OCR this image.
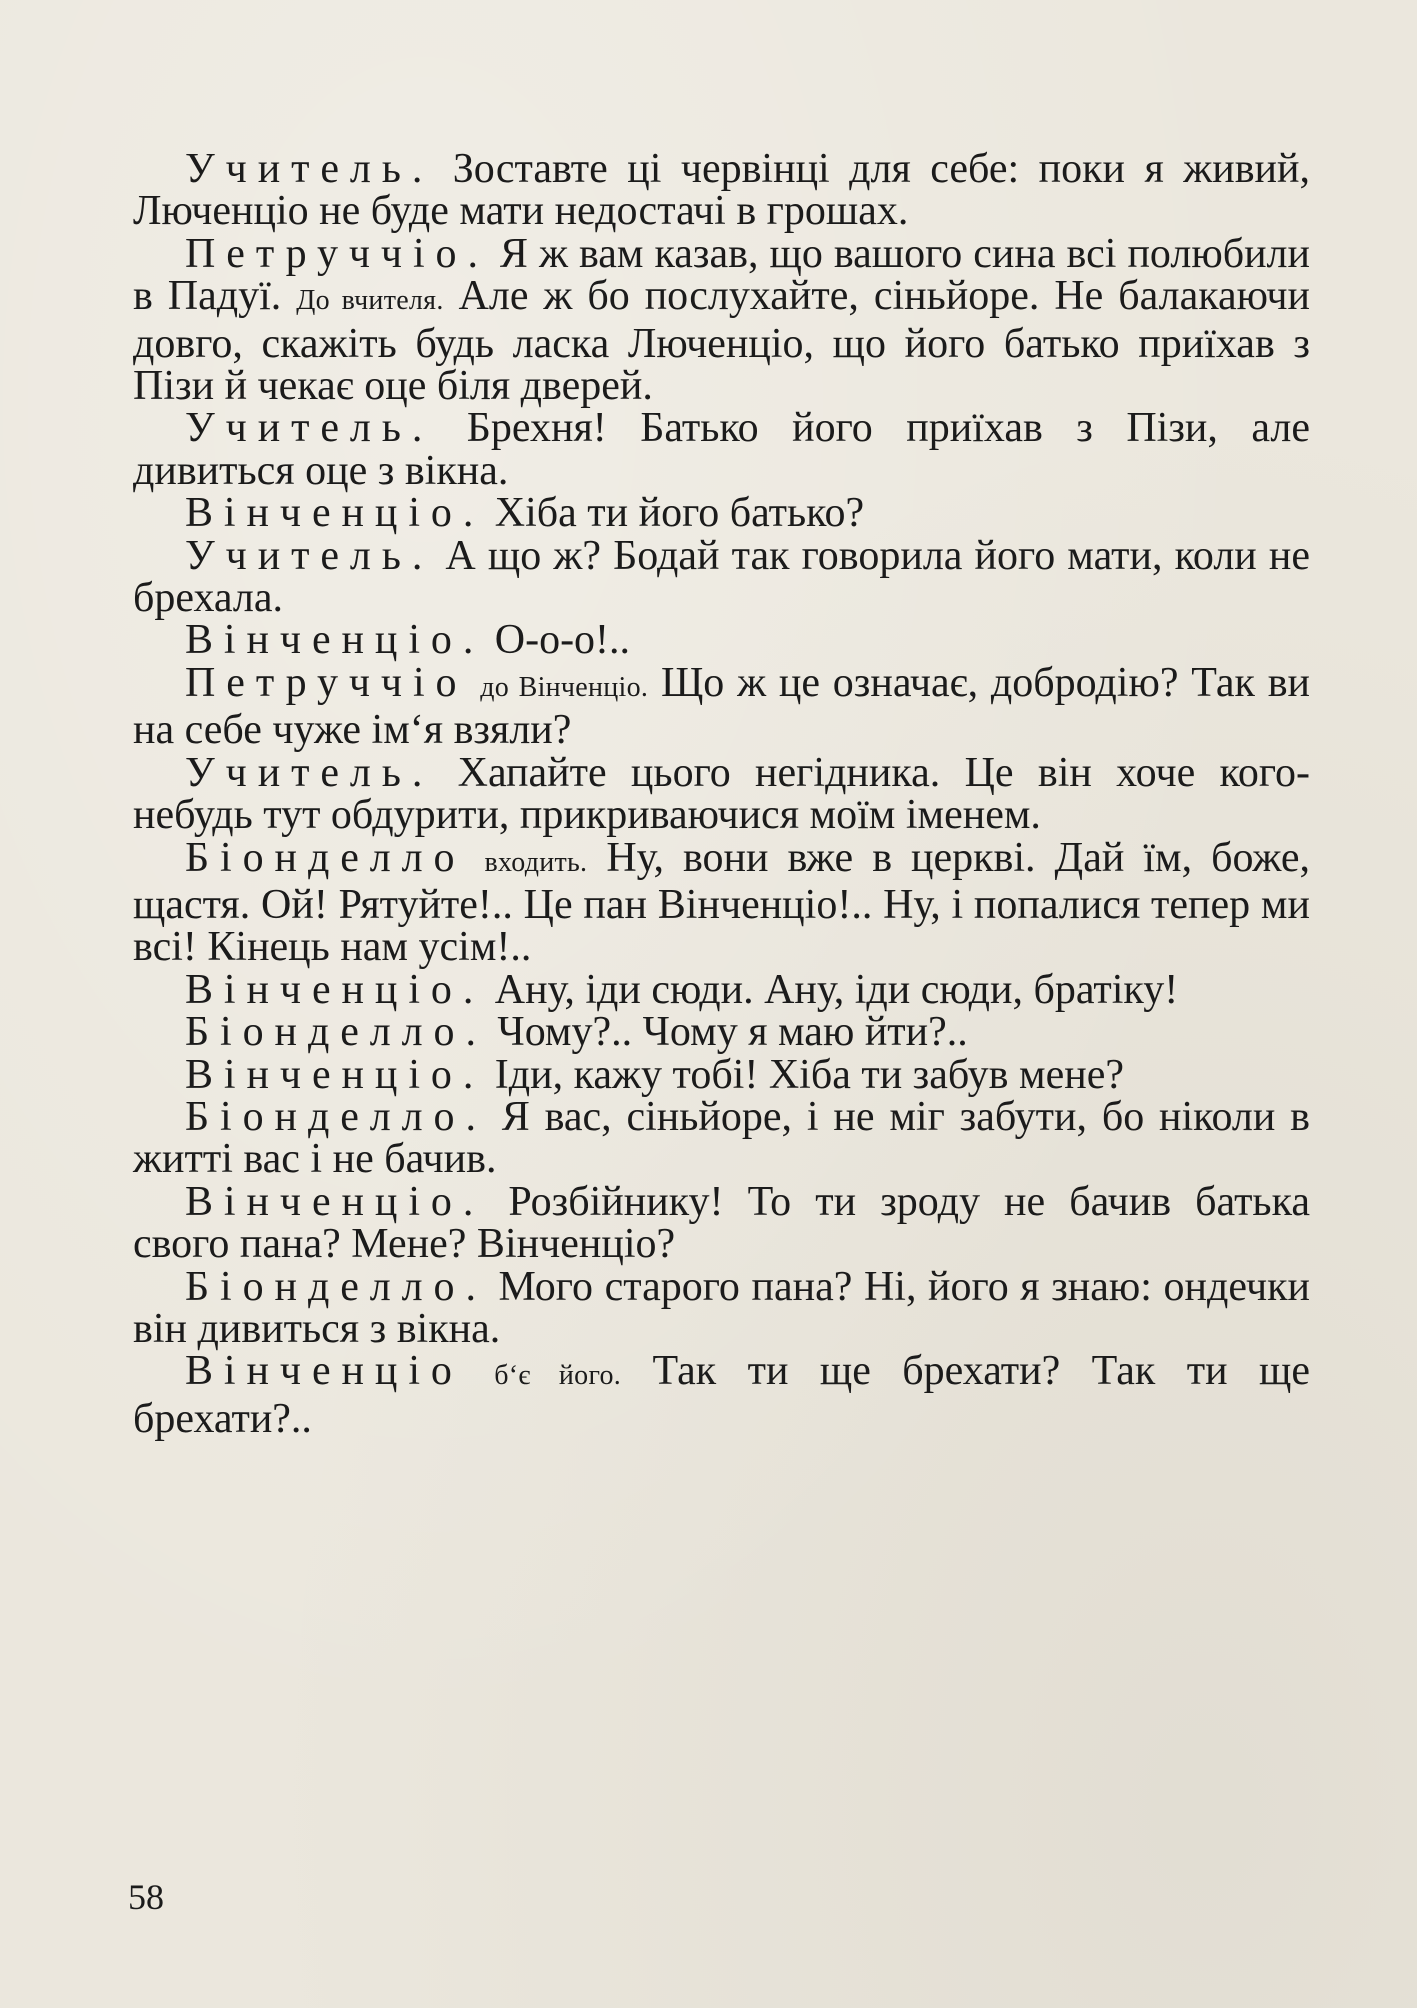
Учитель. Зоставте ці червінці для себе: поки я живий, Люченціо не буде мати недостачі в грошах.

Петруччіо. Я ж вам казав, що вашого сина всі полюбили в Падуї. До вчителя. Але ж бо послухайте, сіньйоре. Не балакаючи довго, скажіть будь ласка Люченціо, що його батько приїхав з Пізи й чекає оце біля дверей.

Учитель. Брехня! Батько його приїхав з Пізи, але дивиться оце з вікна.

Вінченціо. Хіба ти його батько?

Учитель. А що ж? Бодай так говорила його мати, коли не брехала.

Вінченціо. О-о-о!..

Петруччіо до Вінченціо. Що ж це означає, добродію? Так ви на себе чуже ім‘я взяли?

Учитель. Хапайте цього негідника. Це він хоче кого-небудь тут обдурити, прикриваючися моїм іменем.

Біонделло входить. Ну, вони вже в церкві. Дай їм, боже, щастя. Ой! Рятуйте!.. Це пан Вінченціо!.. Ну, і попалися тепер ми всі! Кінець нам усім!..

Вінченціо. Ану, іди сюди. Ану, іди сюди, братіку!

Біонделло. Чому?.. Чому я маю йти?..

Вінченціо. Іди, кажу тобі! Хіба ти забув мене?

Біонделло. Я вас, сіньйоре, і не міг забути, бо ніколи в житті вас і не бачив.

Вінченціо. Розбійнику! То ти зроду не бачив батька свого пана? Мене? Вінченціо?

Біонделло. Мого старого пана? Ні, його я знаю: ондечки він дивиться з вікна.

Вінченціо б‘є його. Так ти ще брехати? Так ти ще брехати?..

58
